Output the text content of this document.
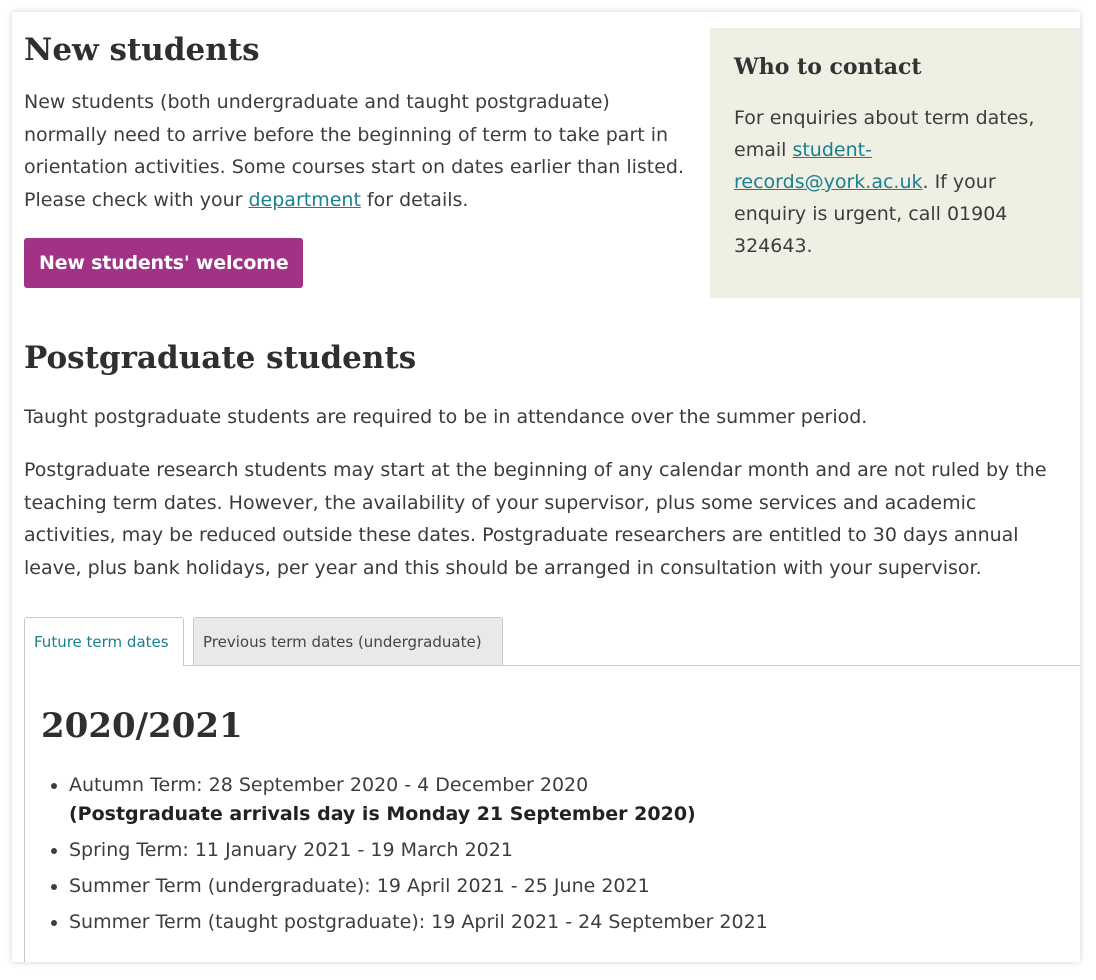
New students

New students (both undergraduate and taught postgraduate) normally need to arrive before the beginning of term to take part in orientation activities. Some courses start on dates earlier than listed. Please check with your department for details.

New students' welcome
Who to contact

For enquiries about term dates, email student-records@york.ac.uk. If your enquiry is urgent, call 01904 324643.

Postgraduate students

Taught postgraduate students are required to be in attendance over the summer period.

Postgraduate research students may start at the beginning of any calendar month and are not ruled by the teaching term dates. However, the availability of your supervisor, plus some services and academic activities, may be reduced outside these dates. Postgraduate researchers are entitled to 30 days annual leave, plus bank holidays, per year and this should be arranged in consultation with your supervisor.

Future term dates	Previous term dates (undergraduate)
2020/2021
• Autumn Term: 28 September 2020 - 4 December 2020
(Postgraduate arrivals day is Monday 21 September 2020)
• Spring Term: 11 January 2021 - 19 March 2021
• Summer Term (undergraduate): 19 April 2021 - 25 June 2021
• Summer Term (taught postgraduate): 19 April 2021 - 24 September 2021
